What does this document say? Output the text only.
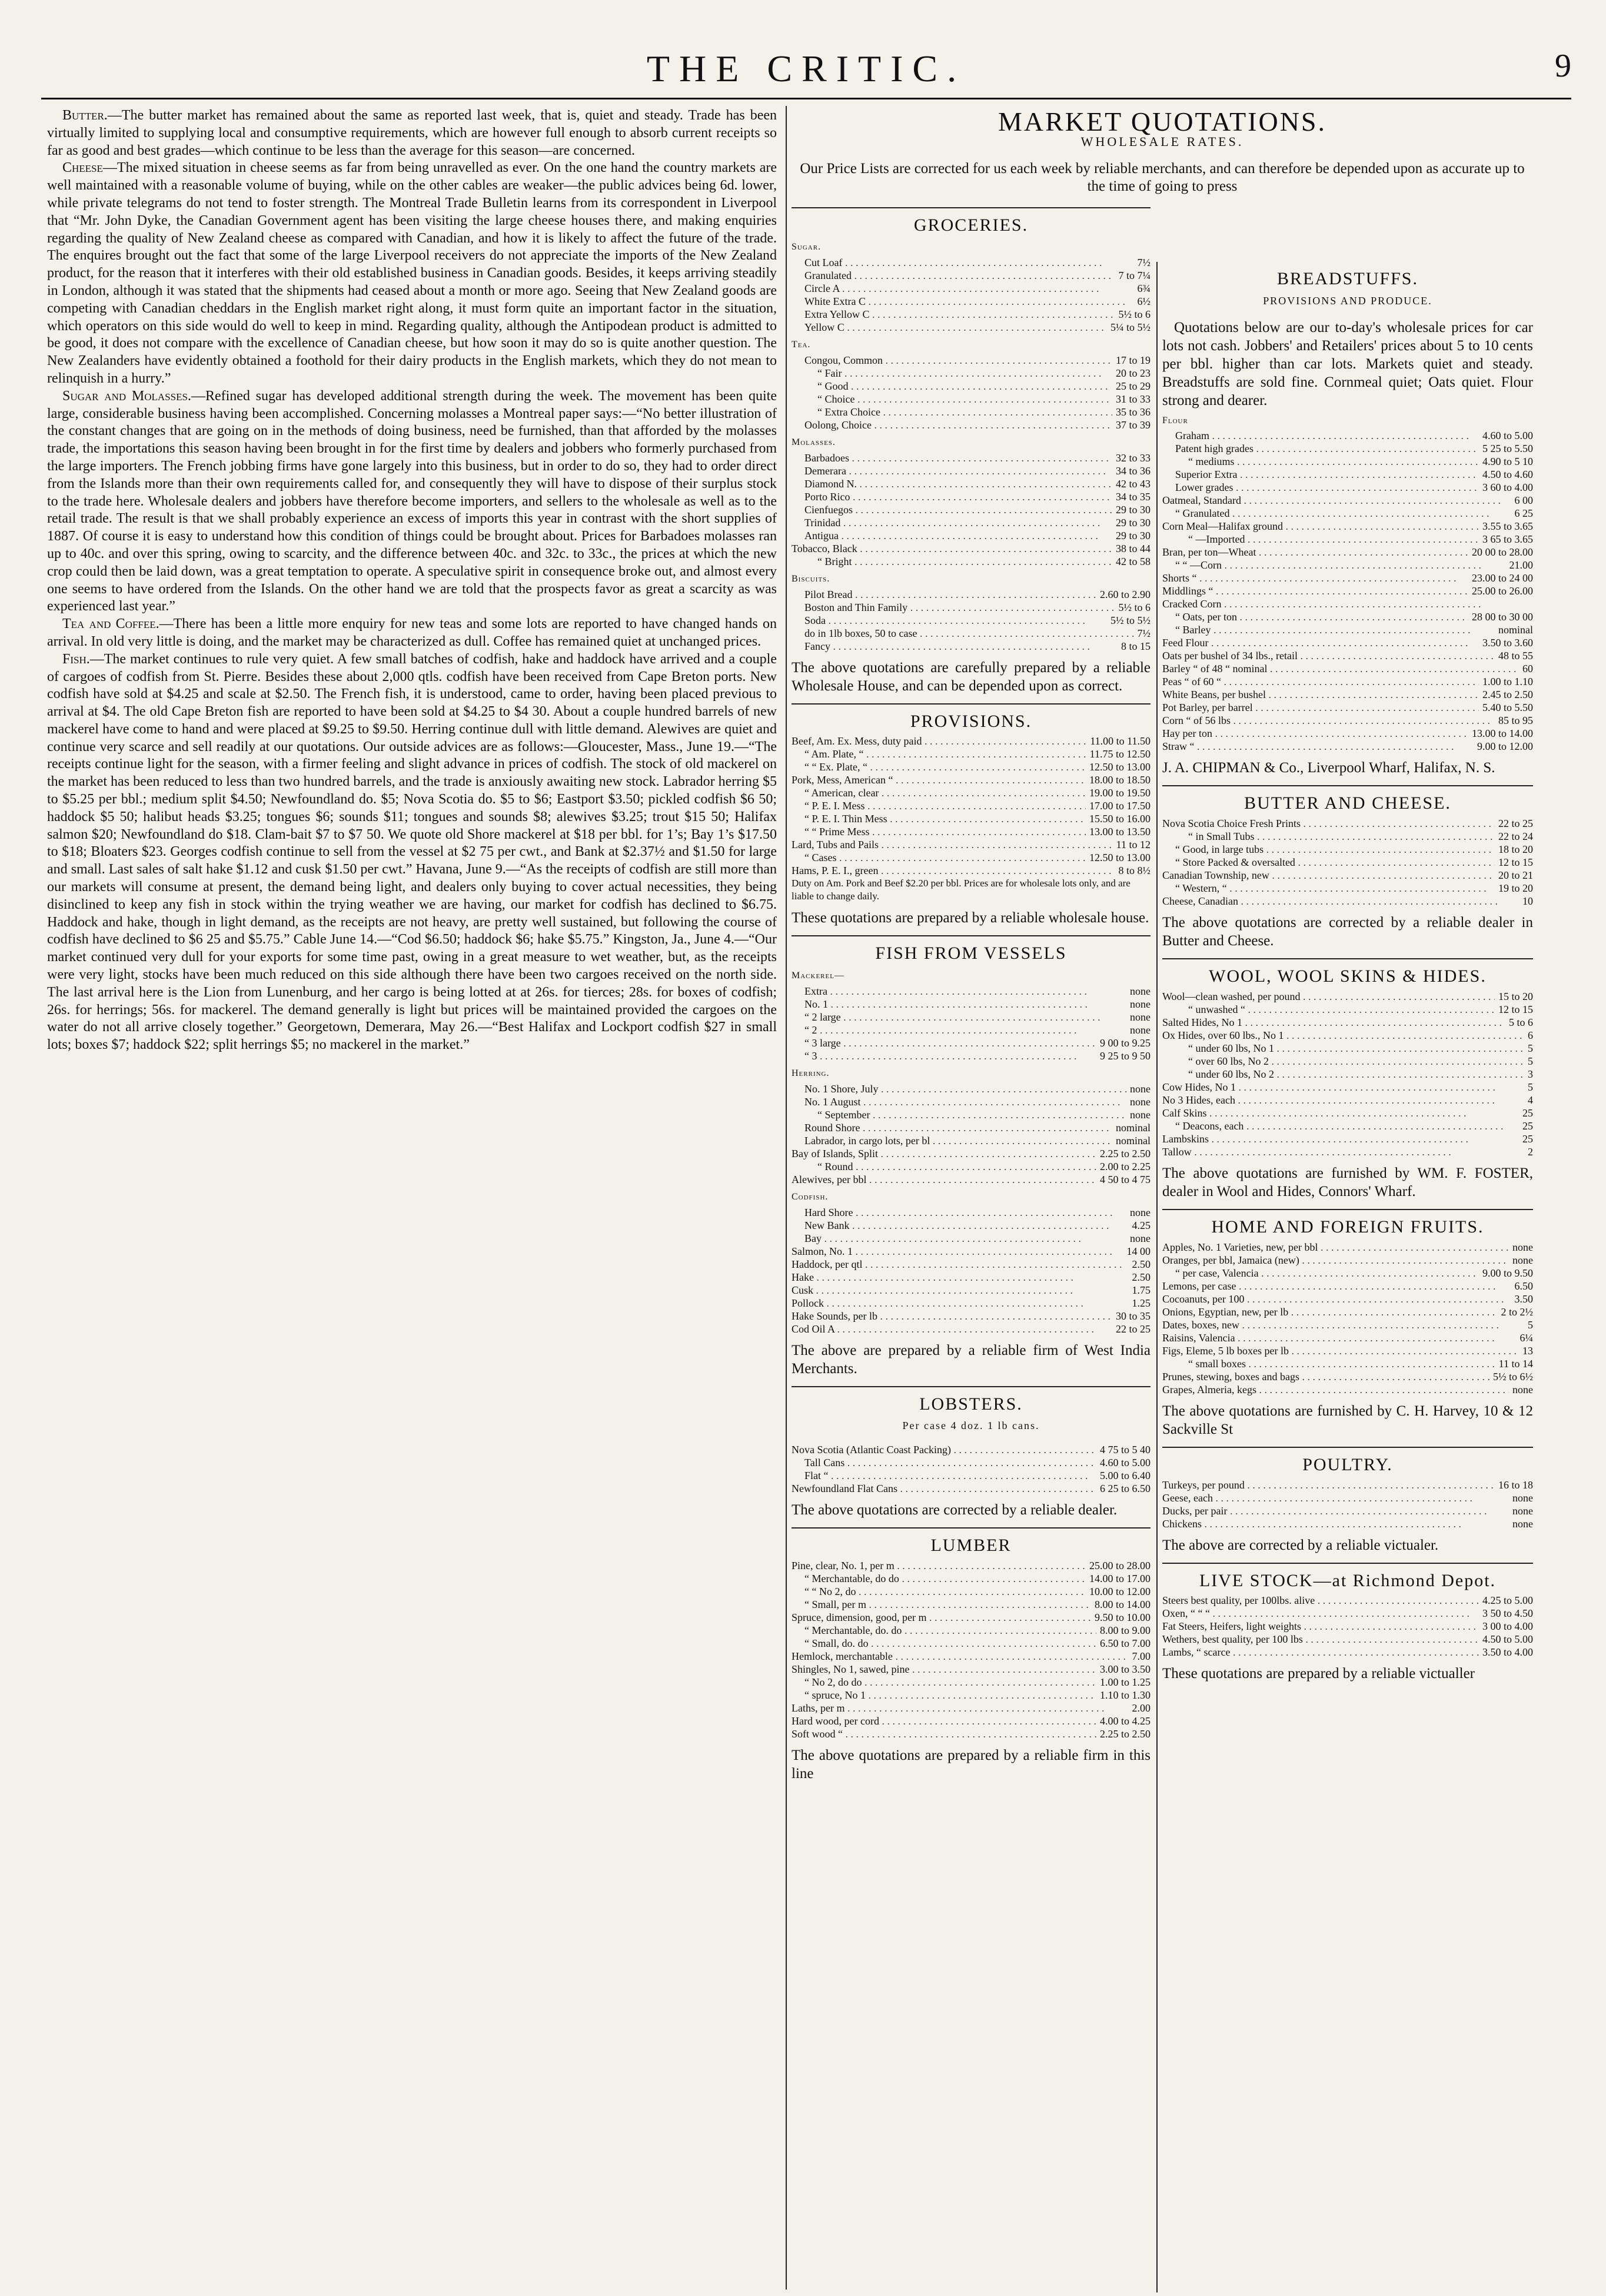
THE CRITIC.	9

Butter.—The butter market has remained about the same as reported last week, that is, quiet and steady. Trade has been virtually limited to supplying local and consumptive requirements, which are however full enough to absorb current receipts so far as good and best grades—which continue to be less than the average for this season—are concerned.

Cheese—The mixed situation in cheese seems as far from being unravelled as ever. On the one hand the country markets are well maintained with a reasonable volume of buying, while on the other cables are weaker—the public advices being 6d. lower, while private telegrams do not tend to foster strength. The Montreal Trade Bulletin learns from its correspondent in Liverpool that “Mr. John Dyke, the Canadian Government agent has been visiting the large cheese houses there, and making enquiries regarding the quality of New Zealand cheese as compared with Canadian, and how it is likely to affect the future of the trade. The enquires brought out the fact that some of the large Liverpool receivers do not appreciate the imports of the New Zealand product, for the reason that it interferes with their old established business in Canadian goods. Besides, it keeps arriving steadily in London, although it was stated that the shipments had ceased about a month or more ago. Seeing that New Zealand goods are competing with Canadian cheddars in the English market right along, it must form quite an important factor in the situation, which operators on this side would do well to keep in mind. Regarding quality, although the Antipodean product is admitted to be good, it does not compare with the excellence of Canadian cheese, but how soon it may do so is quite another question. The New Zealanders have evidently obtained a foothold for their dairy products in the English markets, which they do not mean to relinquish in a hurry.”

Sugar and Molasses.—Refined sugar has developed additional strength during the week. The movement has been quite large, considerable business having been accomplished. Concerning molasses a Montreal paper says:—“No better illustration of the constant changes that are going on in the methods of doing business, need be furnished, than that afforded by the molasses trade, the importations this season having been brought in for the first time by dealers and jobbers who formerly purchased from the large importers. The French jobbing firms have gone largely into this business, but in order to do so, they had to order direct from the Islands more than their own requirements called for, and consequently they will have to dispose of their surplus stock to the trade here. Wholesale dealers and jobbers have therefore become importers, and sellers to the wholesale as well as to the retail trade. The result is that we shall probably experience an excess of imports this year in contrast with the short supplies of 1887. Of course it is easy to understand how this condition of things could be brought about. Prices for Barbadoes molasses ran up to 40c. and over this spring, owing to scarcity, and the difference between 40c. and 32c. to 33c., the prices at which the new crop could then be laid down, was a great temptation to operate. A speculative spirit in consequence broke out, and almost every one seems to have ordered from the Islands. On the other hand we are told that the prospects favor as great a scarcity as was experienced last year.”

Tea and Coffee.—There has been a little more enquiry for new teas and some lots are reported to have changed hands on arrival. In old very little is doing, and the market may be characterized as dull. Coffee has remained quiet at unchanged prices.

Fish.—The market continues to rule very quiet. A few small batches of codfish, hake and haddock have arrived and a couple of cargoes of codfish from St. Pierre. Besides these about 2,000 qtls. codfish have been received from Cape Breton ports. New codfish have sold at $4.25 and scale at $2.50. The French fish, it is understood, came to order, having been placed previous to arrival at $4. The old Cape Breton fish are reported to have been sold at $4.25 to $4 30. About a couple hundred barrels of new mackerel have come to hand and were placed at $9.25 to $9.50. Herring continue dull with little demand. Alewives are quiet and continue very scarce and sell readily at our quotations. Our outside advices are as follows:—Gloucester, Mass., June 19.—“The receipts continue light for the season, with a firmer feeling and slight advance in prices of codfish. The stock of old mackerel on the market has been reduced to less than two hundred barrels, and the trade is anxiously awaiting new stock. Labrador herring $5 to $5.25 per bbl.; medium split $4.50; Newfoundland do. $5; Nova Scotia do. $5 to $6; Eastport $3.50; pickled codfish $6 50; haddock $5 50; halibut heads $3.25; tongues $6; sounds $11; tongues and sounds $8; alewives $3.25; trout $15 50; Halifax salmon $20; Newfoundland do $18. Clam-bait $7 to $7 50. We quote old Shore mackerel at $18 per bbl. for 1’s; Bay 1’s $17.50 to $18; Bloaters $23. Georges codfish continue to sell from the vessel at $2 75 per cwt., and Bank at $2.37½ and $1.50 for large and small. Last sales of salt hake $1.12 and cusk $1.50 per cwt.” Havana, June 9.—“As the receipts of codfish are still more than our markets will consume at present, the demand being light, and dealers only buying to cover actual necessities, they being disinclined to keep any fish in stock within the trying weather we are having, our market for codfish has declined to $6.75. Haddock and hake, though in light demand, as the receipts are not heavy, are pretty well sustained, but following the course of codfish have declined to $6 25 and $5.75.” Cable June 14.—“Cod $6.50; haddock $6; hake $5.75.” Kingston, Ja., June 4.—“Our market continued very dull for your exports for some time past, owing in a great measure to wet weather, but, as the receipts were very light, stocks have been much reduced on this side although there have been two cargoes received on the north side. The last arrival here is the Lion from Lunenburg, and her cargo is being lotted at at 26s. for tierces; 28s. for boxes of codfish; 26s. for herrings; 56s. for mackerel. The demand generally is light but prices will be maintained provided the cargoes on the water do not all arrive closely together.” Georgetown, Demerara, May 26.—“Best Halifax and Lockport codfish $27 in small lots; boxes $7; haddock $22; split herrings $5; no mackerel in the market.”

MARKET QUOTATIONS.
WHOLESALE RATES.
Our Price Lists are corrected for us each week by reliable merchants, and can therefore be depended upon as accurate up to the time of going to press
GROCERIES.
Sugar.
Cut Loaf . . .	7½
Granulated . . .	7 to 7¼
Circle A . . .	6¾
White Extra C . . .	6½
Extra Yellow C . . .	5½ to 6
Yellow C . . .	5¼ to 5½
Tea.
Congou, Common . . .	17 to 19
“ Fair . . .	20 to 23
“ Good . . .	25 to 29
“ Choice . . .	31 to 33
“ Extra Choice . . .	35 to 36
Oolong, Choice . . .	37 to 39
Molasses.
Barbadoes . . .	32 to 33
Demerara . . .	34 to 36
Diamond N. . . .	42 to 43
Porto Rico . . .	34 to 35
Cienfuegos . . .	29 to 30
Trinidad . . .	29 to 30
Antigua . . .	29 to 30
Tobacco, Black . . .	38 to 44
“ Bright . . .	42 to 58
Biscuits.
Pilot Bread . . .	2.60 to 2.90
Boston and Thin Family . . .	5½ to 6
Soda . . .	5½ to 5½
do in 1lb boxes, 50 to case . . .	7½
Fancy . . .	8 to 15
The above quotations are carefully prepared by a reliable Wholesale House, and can be depended upon as correct.
PROVISIONS.
Beef, Am. Ex. Mess, duty paid . . .	11.00 to 11.50
“ Am. Plate, “ . . .	11.75 to 12.50
“ “ Ex. Plate, “ . . .	12.50 to 13.00
Pork, Mess, American “ . . .	18.00 to 18.50
“ American, clear . . .	19.00 to 19.50
“ P. E. I. Mess . . .	17.00 to 17.50
“ P. E. I. Thin Mess . . .	15.50 to 16.00
“ “ Prime Mess . . .	13.00 to 13.50
Lard, Tubs and Pails . . .	11 to 12
“ Cases . . .	12.50 to 13.00
Hams, P. E. I., green . . .	8 to 8½
Duty on Am. Pork and Beef $2.20 per bbl. Prices are for wholesale lots only, and are liable to change daily.
These quotations are prepared by a reliable wholesale house.
FISH FROM VESSELS
Mackerel—
Extra . . .	none
No. 1 . . .	none
“ 2 large . . .	none
“ 2 . . .	none
“ 3 large . . .	9 00 to 9.25
“ 3 . . .	9 25 to 9 50
Herring.
No. 1 Shore, July . . .	none
No. 1 August . . .	none
“ September . . .	none
Round Shore . . .	nominal
Labrador, in cargo lots, per bl . . .	nominal
Bay of Islands, Split . . .	2.25 to 2.50
“ Round . . .	2.00 to 2.25
Alewives, per bbl . . .	4 50 to 4 75
Codfish.
Hard Shore . . .	none
New Bank . . .	4.25
Bay . . .	none
Salmon, No. 1 . . .	14 00
Haddock, per qtl . . .	2.50
Hake . . .	2.50
Cusk . . .	1.75
Pollock . . .	1.25
Hake Sounds, per lb . . .	30 to 35
Cod Oil A . . .	22 to 25
The above are prepared by a reliable firm of West India Merchants.
LOBSTERS.
Per case 4 doz. 1 lb cans.
Nova Scotia (Atlantic Coast Packing) . . .	4 75 to 5 40
Tall Cans . . .	4.60 to 5.00
Flat “ . . .	5.00 to 6.40
Newfoundland Flat Cans . . .	6 25 to 6.50
The above quotations are corrected by a reliable dealer.
LUMBER
Pine, clear, No. 1, per m . . .	25.00 to 28.00
“ Merchantable, do do . . .	14.00 to 17.00
“ “ No 2, do . . .	10.00 to 12.00
“ Small, per m . . .	8.00 to 14.00
Spruce, dimension, good, per m . . .	9.50 to 10.00
“ Merchantable, do. do . . .	8.00 to 9.00
“ Small, do. do . . .	6.50 to 7.00
Hemlock, merchantable . . .	7.00
Shingles, No 1, sawed, pine . . .	3.00 to 3.50
“ No 2, do do . . .	1.00 to 1.25
“ spruce, No 1 . . .	1.10 to 1.30
Laths, per m . . .	2.00
Hard wood, per cord . . .	4.00 to 4.25
Soft wood “ . . .	2.25 to 2.50
The above quotations are prepared by a reliable firm in this line
BREADSTUFFS.
PROVISIONS AND PRODUCE.
Quotations below are our to-day's wholesale prices for car lots not cash. Jobbers' and Retailers' prices about 5 to 10 cents per bbl. higher than car lots. Markets quiet and steady. Breadstuffs are sold fine. Cornmeal quiet; Oats quiet. Flour strong and dearer.
Flour
Graham . . .	4.60 to 5.00
Patent high grades . . .	5 25 to 5.50
“ mediums . . .	4.90 to 5 10
Superior Extra . . .	4.50 to 4.60
Lower grades . . .	3 60 to 4.00
Oatmeal, Standard . . .	6 00
“ Granulated . . .	6 25
Corn Meal—Halifax ground . . .	3.55 to 3.65
“ —Imported . . .	3 65 to 3.65
Bran, per ton—Wheat . . .	20 00 to 28.00
“ “ —Corn . . .	21.00
Shorts “ . . .	23.00 to 24 00
Middlings “ . . .	25.00 to 26.00
Cracked Corn . . .
“ Oats, per ton . . .	28 00 to 30 00
“ Barley . . .	nominal
Feed Flour . . .	3.50 to 3.60
Oats per bushel of 34 lbs., retail . . .	48 to 55
Barley “ of 48 “ nominal . . .	60
Peas “ of 60 “ . . .	1.00 to 1.10
White Beans, per bushel . . .	2.45 to 2.50
Pot Barley, per barrel . . .	5.40 to 5.50
Corn “ of 56 lbs . . .	85 to 95
Hay per ton . . .	13.00 to 14.00
Straw “ . . .	9.00 to 12.00
J. A. CHIPMAN & Co., Liverpool Wharf, Halifax, N. S.
BUTTER AND CHEESE.
Nova Scotia Choice Fresh Prints . . .	22 to 25
“ in Small Tubs . . .	22 to 24
“ Good, in large tubs . . .	18 to 20
“ Store Packed & oversalted . . .	12 to 15
Canadian Township, new . . .	20 to 21
“ Western, “ . . .	19 to 20
Cheese, Canadian . . .	10
The above quotations are corrected by a reliable dealer in Butter and Cheese.
WOOL, WOOL SKINS & HIDES.
Wool—clean washed, per pound . . .	15 to 20
“ unwashed “ . . .	12 to 15
Salted Hides, No 1 . . .	5 to 6
Ox Hides, over 60 lbs., No 1 . . .	6
“ under 60 lbs, No 1 . . .	5
“ over 60 lbs, No 2 . . .	5
“ under 60 lbs, No 2 . . .	3
Cow Hides, No 1 . . .	5
No 3 Hides, each . . .	4
Calf Skins . . .	25
“ Deacons, each . . .	25
Lambskins . . .	25
Tallow . . .	2
The above quotations are furnished by WM. F. FOSTER, dealer in Wool and Hides, Connors' Wharf.
HOME AND FOREIGN FRUITS.
Apples, No. 1 Varieties, new, per bbl . . .	none
Oranges, per bbl, Jamaica (new) . . .	none
“ per case, Valencia . . .	9.00 to 9.50
Lemons, per case . . .	6.50
Cocoanuts, per 100 . . .	3.50
Onions, Egyptian, new, per lb . . .	2 to 2½
Dates, boxes, new . . .	5
Raisins, Valencia . . .	6¼
Figs, Eleme, 5 lb boxes per lb . . .	13
“ small boxes . . .	11 to 14
Prunes, stewing, boxes and bags . . .	5½ to 6½
Grapes, Almeria, kegs . . .	none
The above quotations are furnished by C. H. Harvey, 10 & 12 Sackville St
POULTRY.
Turkeys, per pound . . .	16 to 18
Geese, each . . .	none
Ducks, per pair . . .	none
Chickens . . .	none
The above are corrected by a reliable victualer.
LIVE STOCK—at Richmond Depot.
Steers best quality, per 100lbs. alive . . .	4.25 to 5.00
Oxen, “ “ “ . . .	3 50 to 4.50
Fat Steers, Heifers, light weights . . .	3 00 to 4.00
Wethers, best quality, per 100 lbs . . .	4.50 to 5.00
Lambs, “ scarce . . .	3.50 to 4.00
These quotations are prepared by a reliable victualler
